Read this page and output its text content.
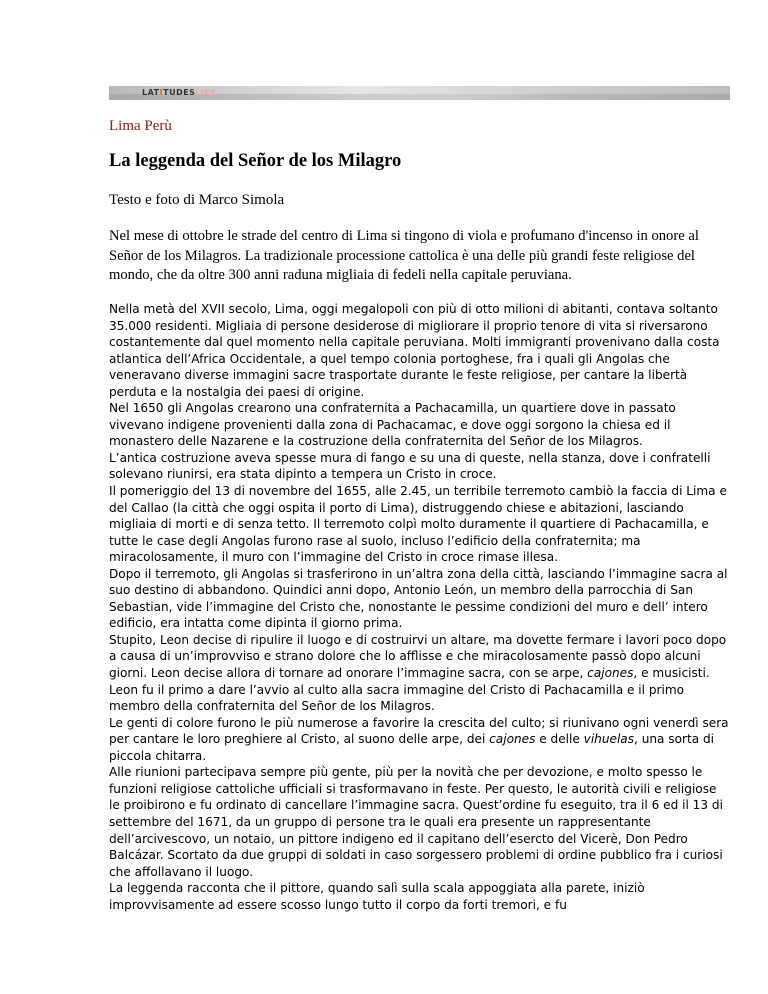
LATITUDESLIFE
Lima Perù
La leggenda del Señor de los Milagro
Testo e foto di Marco Simola

Nel mese di ottobre le strade del centro di Lima si tingono di viola e profumano d'incenso in onore al Señor de los Milagros. La tradizionale processione cattolica è una delle più grandi feste religiose del mondo, che da oltre 300 anni raduna migliaia di fedeli nella capitale peruviana.

Nella metà del XVII secolo, Lima, oggi megalopoli con più di otto milioni di abitanti, contava soltanto 35.000 residenti. Migliaia di persone desiderose di migliorare il proprio tenore di vita si riversarono costantemente dal quel momento nella capitale peruviana. Molti immigranti provenivano dalla costa atlantica dell’Africa Occidentale, a quel tempo colonia portoghese, fra i quali gli Angolas che veneravano diverse immagini sacre trasportate durante le feste religiose, per cantare la libertà perduta e la nostalgia dei paesi di origine.

Nel 1650 gli Angolas crearono una confraternita a Pachacamilla, un quartiere dove in passato vivevano indigene provenienti dalla zona di Pachacamac, e dove oggi sorgono la chiesa ed il monastero delle Nazarene e la costruzione della confraternita del Señor de los Milagros.

L’antica costruzione aveva spesse mura di fango e su una di queste, nella stanza, dove i confratelli solevano riunirsi, era stata dipinto a tempera un Cristo in croce.

Il pomeriggio del 13 di novembre del 1655, alle 2.45, un terribile terremoto cambiò la faccia di Lima e del Callao (la città che oggi ospita il porto di Lima), distruggendo chiese e abitazioni, lasciando migliaia di morti e di senza tetto. Il terremoto colpì molto duramente il quartiere di Pachacamilla, e tutte le case degli Angolas furono rase al suolo, incluso l’edificio della confraternita; ma miracolosamente, il muro con l’immagine del Cristo in croce rimase illesa.

Dopo il terremoto, gli Angolas si trasferirono in un’altra zona della città, lasciando l’immagine sacra al suo destino di abbandono. Quindici anni dopo, Antonio León, un membro della parrocchia di San Sebastian, vide l’immagine del Cristo che, nonostante le pessime condizioni del muro e dell’ intero edificio, era intatta come dipinta il giorno prima.

Stupito, Leon decise di ripulire il luogo e di costruirvi un altare, ma dovette fermare i lavori poco dopo a causa di un’improvviso e strano dolore che lo afflisse e che miracolosamente passò dopo alcuni giorni. Leon decise allora di tornare ad onorare l’immagine sacra, con se arpe, cajones, e musicisti. Leon fu il primo a dare l’avvio al culto alla sacra immagine del Cristo di Pachacamilla e il primo membro della confraternita del Señor de los Milagros.

Le genti di colore furono le più numerose a favorire la crescita del culto; si riunivano ogni venerdì sera per cantare le loro preghiere al Cristo, al suono delle arpe, dei cajones e delle vihuelas, una sorta di piccola chitarra.

Alle riunioni partecipava sempre più gente, più per la novità che per devozione, e molto spesso le funzioni religiose cattoliche ufficiali si trasformavano in feste. Per questo, le autorità civili e religiose le proibirono e fu ordinato di cancellare l’immagine sacra. Quest’ordine fu eseguito, tra il 6 ed il 13 di settembre del 1671, da un gruppo di persone tra le quali era presente un rappresentante dell’arcivescovo, un notaio, un pittore indigeno ed il capitano dell’esercto del Vicerè, Don Pedro Balcázar. Scortato da due gruppi di soldati in caso sorgessero problemi di ordine pubblico fra i curiosi che affollavano il luogo.

La leggenda racconta che il pittore, quando salì sulla scala appoggiata alla parete, iniziò improvvisamente ad essere scosso lungo tutto il corpo da forti tremori, e fu
